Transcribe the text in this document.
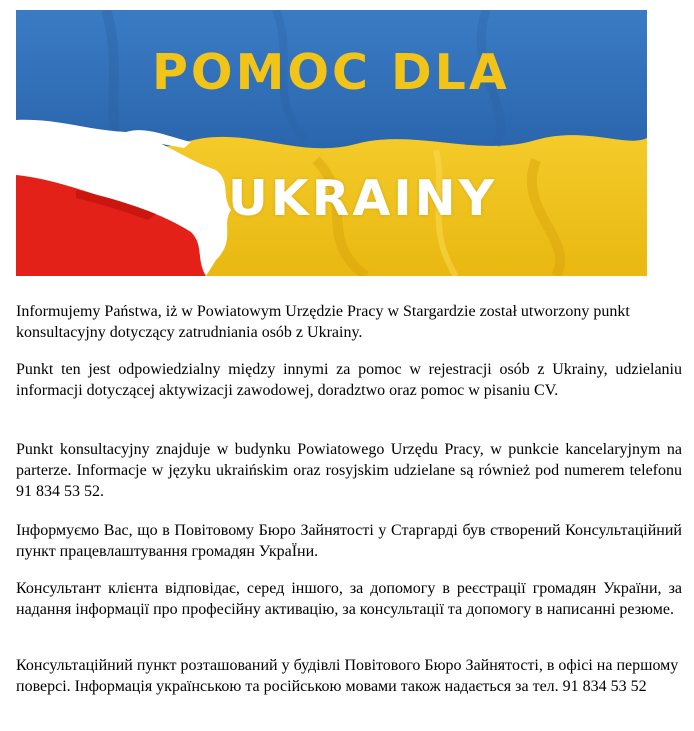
POMOC DLA
UKRAINY

Informujemy Państwa, iż w Powiatowym Urzędzie Pracy w Stargardzie został utworzony punkt konsultacyjny dotyczący zatrudniania osób z Ukrainy.

Punkt ten jest odpowiedzialny między innymi za pomoc w rejestracji osób z Ukrainy, udzielaniu informacji dotyczącej aktywizacji zawodowej, doradztwo oraz pomoc w pisaniu CV.

Punkt konsultacyjny znajduje w budynku Powiatowego Urzędu Pracy, w punkcie kancelaryjnym na parterze. Informacje w języku ukraińskim oraz rosyjskim udzielane są również pod numerem telefonu 91 834 53 52.

Інформуємо Вас, що в Повітовому Бюро Зайнятості у Старгарді був створений Консультаційний пункт працевлаштування громадян УкраЇни.

Консультант клієнта відповідає, серед іншого, за допомогу в реєстрації громадян України, за надання інформації про професійну активацію, за консультації та допомогу в написанні резюме.

Консультаційний пункт розташований у будівлі Повітового Бюро Зайнятості, в офісі на першому поверсі. Інформація українською та російською мовами також надається за тел. 91 834 53 52
